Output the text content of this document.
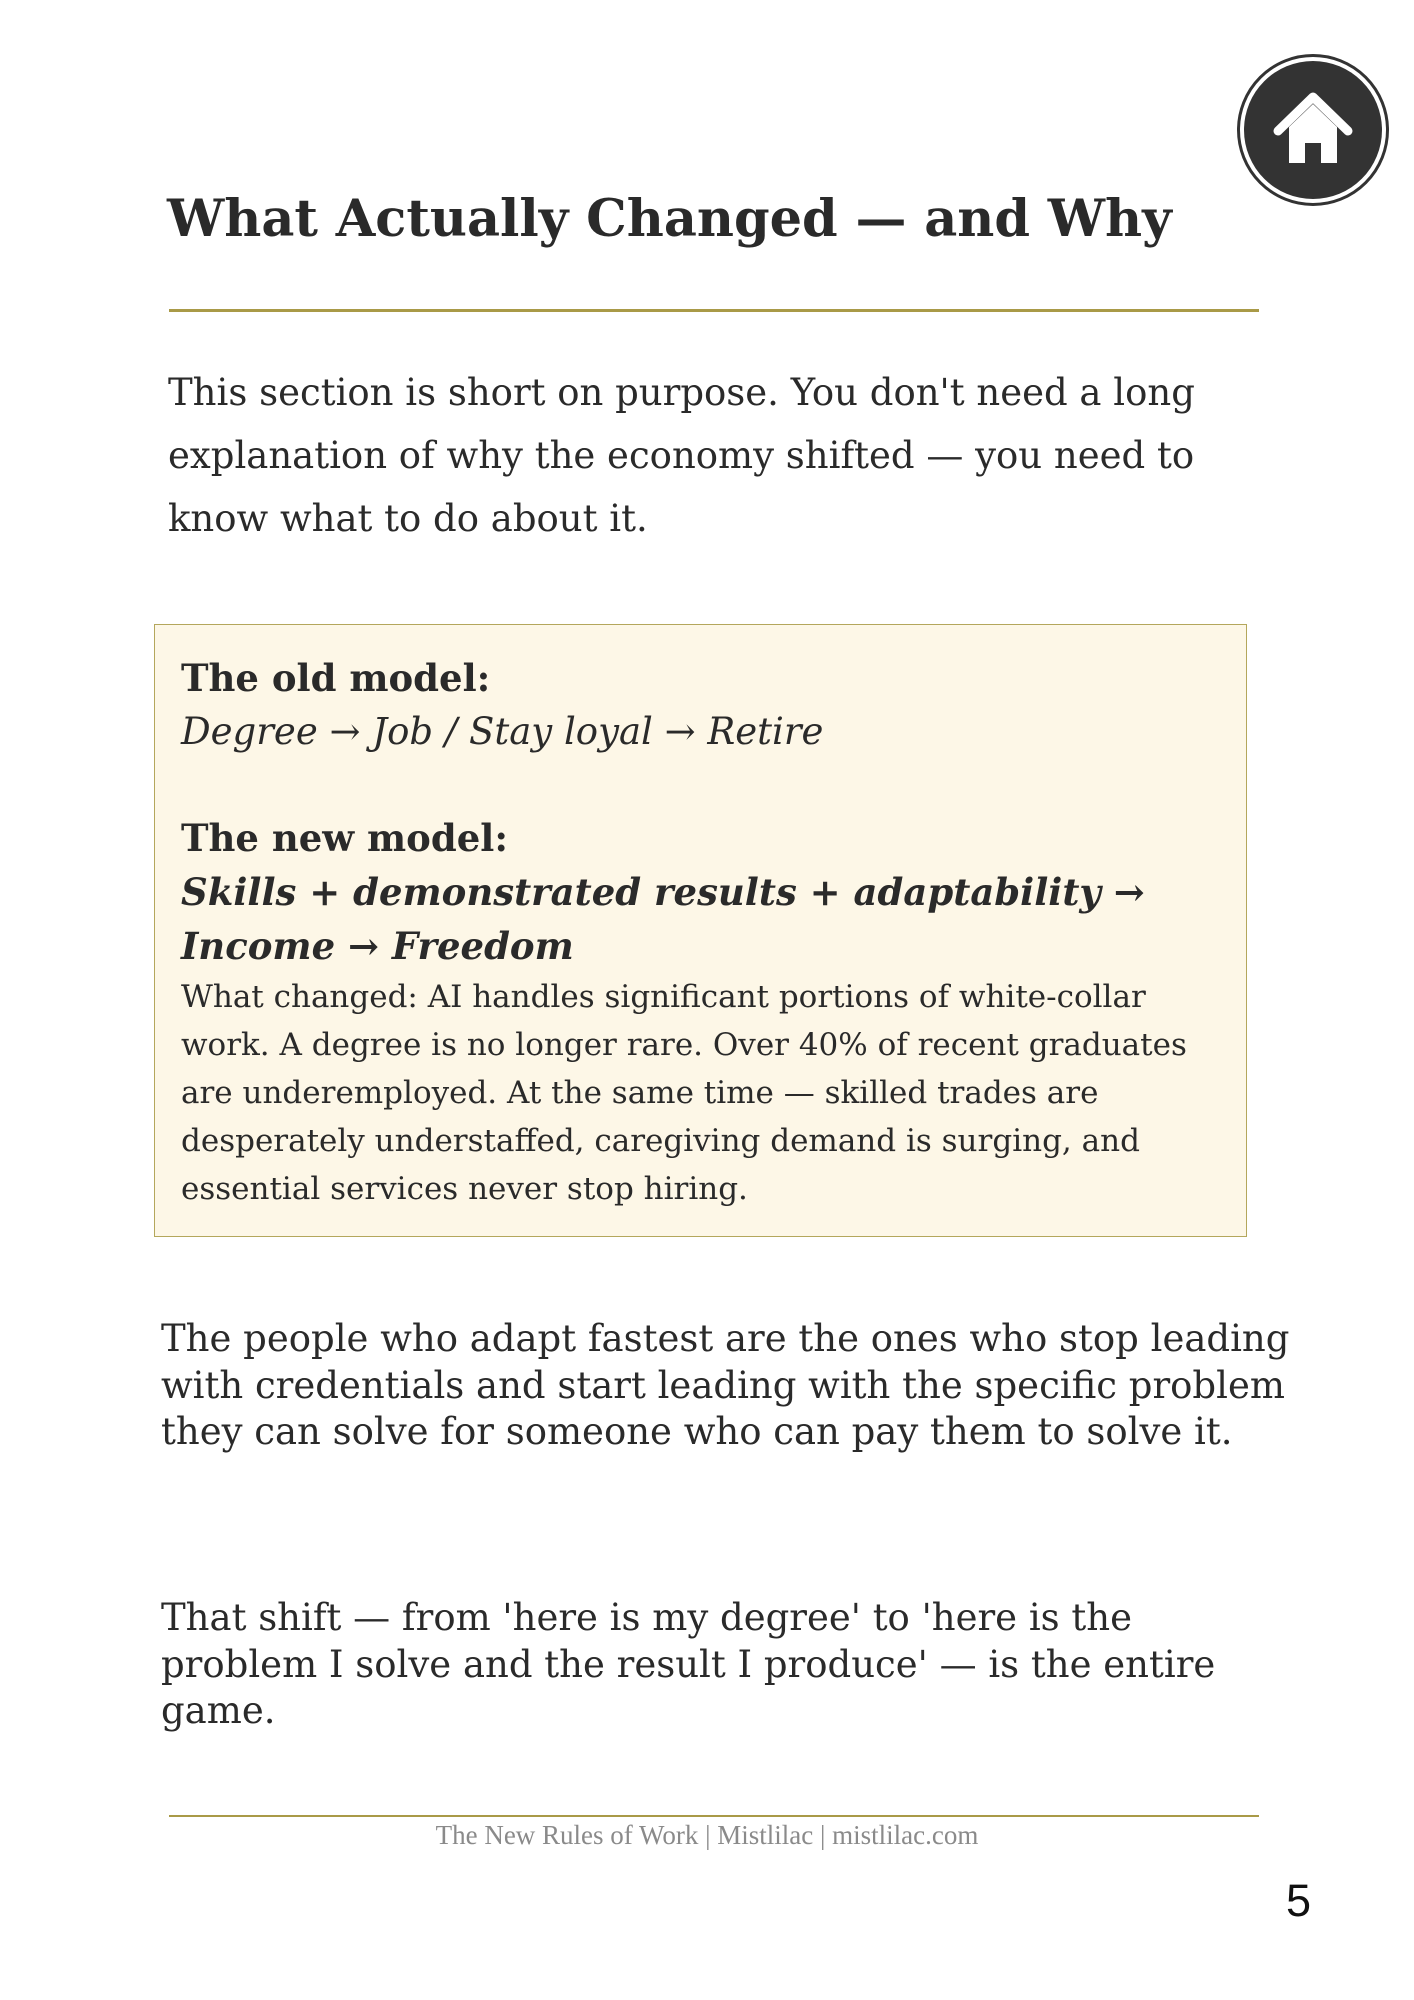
What Actually Changed — and Why

This section is short on purpose. You don't need a long explanation of why the economy shifted — you need to know what to do about it.

The old model:
Degree → Job / Stay loyal → Retire
The new model:
Skills + demonstrated results + adaptability → Income → Freedom
What changed: AI handles significant portions of white-collar work. A degree is no longer rare. Over 40% of recent graduates are underemployed. At the same time — skilled trades are desperately understaffed, caregiving demand is surging, and essential services never stop hiring.

The people who adapt fastest are the ones who stop leading with credentials and start leading with the specific problem they can solve for someone who can pay them to solve it.

That shift — from 'here is my degree' to 'here is the problem I solve and the result I produce' — is the entire game.

The New Rules of Work | Mistlilac | mistlilac.com
5
